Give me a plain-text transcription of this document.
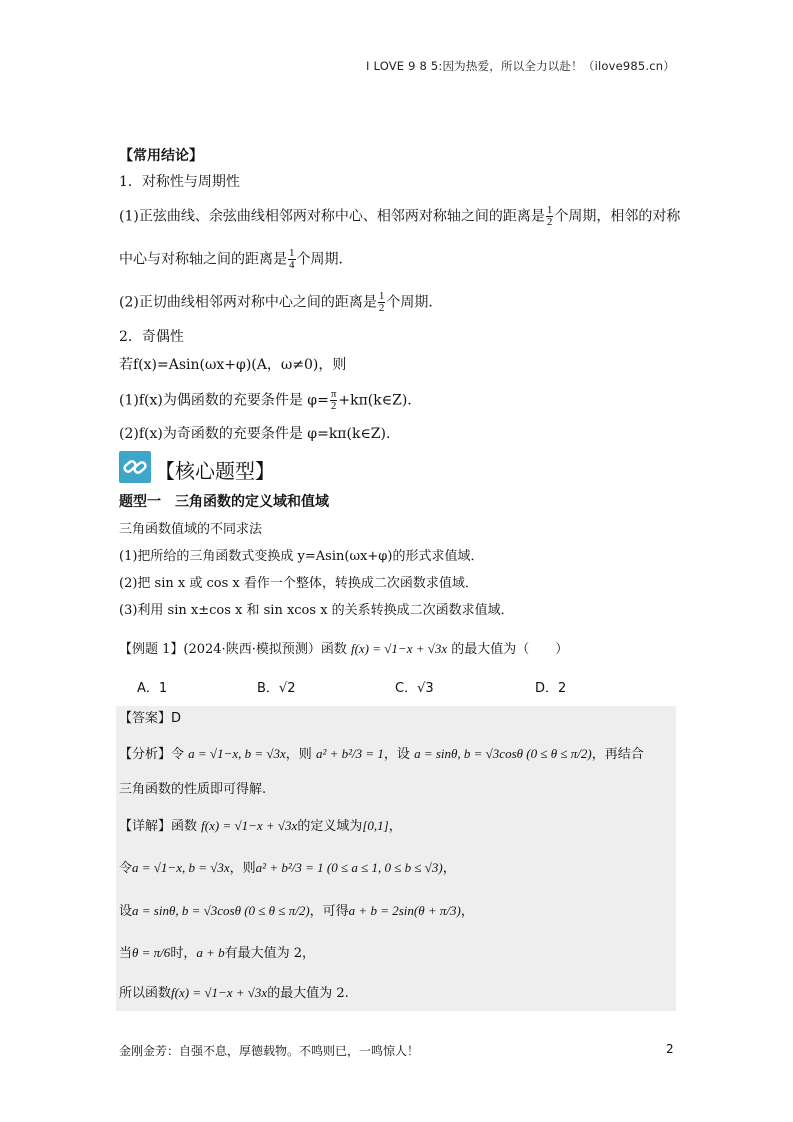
I LOVE 9 8 5:因为热爱，所以全力以赴！（ilove985.cn）
【常用结论】
1．对称性与周期性
(1)正弦曲线、余弦曲线相邻两对称中心、相邻两对称轴之间的距离是 $\frac{1}{2}$ 个周期，相邻的对称
中心与对称轴之间的距离是 $\frac{1}{4}$ 个周期．
(2)正切曲线相邻两对称中心之间的距离是 $\frac{1}{2}$ 个周期．
2．奇偶性
若f(x)=Asin(ωx+φ)(A，ω≠0)，则
(1)f(x)为偶函数的充要条件是 $\varphi= \frac{\pi}{2}$ +kπ(k∈Z).
(2)f(x)为奇函数的充要条件是 φ=kπ(k∈Z).
【核心题型】
题型一　三角函数的定义域和值域
三角函数值域的不同求法
(1)把所给的三角函数式变换成 y=Asin(ωx+φ)的形式求值域．
(2)把 sin x 或 cos x 看作一个整体，转换成二次函数求值域．
(3)利用 sin x±cos x 和 sin xcos x 的关系转换成二次函数求值域．
【例题 1】(2024·陕西·模拟预测）函数 f(x) = √1−x + √3x 的最大值为（　　）
A．1	B．√2	C．√3	D．2
【答案】D
【分析】令 a = √1−x, b = √3x，则 a² + b²/3 = 1，设 a = sinθ, b = √3cosθ (0 ≤ θ ≤ π/2)，再结合
三角函数的性质即可得解.
【详解】函数 f(x) = √1−x + √3x的定义域为[0,1]，
令a = √1−x, b = √3x，则a² + b²/3 = 1 (0 ≤ a ≤ 1, 0 ≤ b ≤ √3)，
设a = sinθ, b = √3cosθ (0 ≤ θ ≤ π/2)，可得a + b = 2sin(θ + π/3)，
当θ = π/6时，a + b有最大值为 2，
所以函数f(x) = √1−x + √3x的最大值为 2.
金刚金芳：自强不息，厚德载物。不鸣则已，一鸣惊人！	2
